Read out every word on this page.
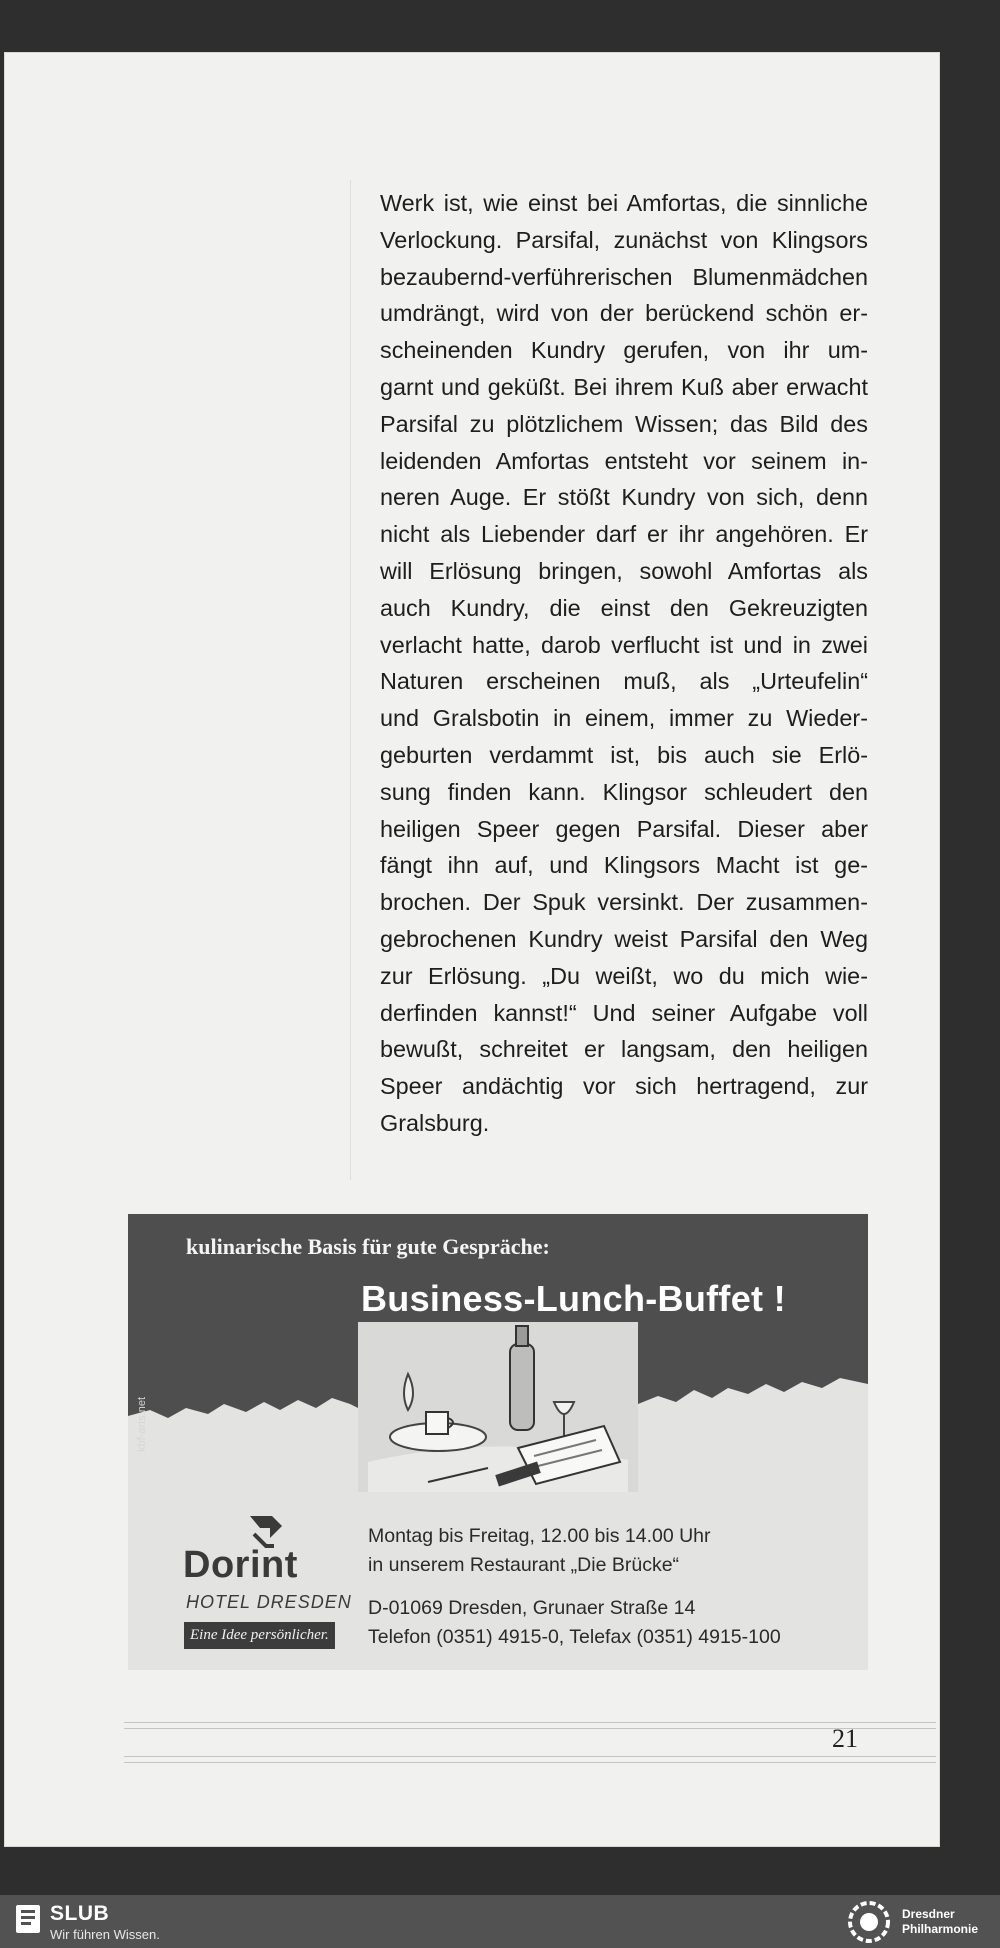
Werk ist, wie einst bei Amfortas, die sinnliche
Verlockung. Parsifal, zunächst von Klingsors
bezaubernd-verführerischen Blumenmädchen
umdrängt, wird von der berückend schön er-
scheinenden Kundry gerufen, von ihr um-
garnt und geküßt. Bei ihrem Kuß aber erwacht
Parsifal zu plötzlichem Wissen; das Bild des
leidenden Amfortas entsteht vor seinem in-
neren Auge. Er stößt Kundry von sich, denn
nicht als Liebender darf er ihr angehören. Er
will Erlösung bringen, sowohl Amfortas als
auch Kundry, die einst den Gekreuzigten
verlacht hatte, darob verflucht ist und in zwei
Naturen erscheinen muß, als „Urteufelin“
und Gralsbotin in einem, immer zu Wieder-
geburten verdammt ist, bis auch sie Erlö-
sung finden kann. Klingsor schleudert den
heiligen Speer gegen Parsifal. Dieser aber
fängt ihn auf, und Klingsors Macht ist ge-
brochen. Der Spuk versinkt. Der zusammen-
gebrochenen Kundry weist Parsifal den Weg
zur Erlösung. „Du weißt, wo du mich wie-
derfinden kannst!“ Und seiner Aufgabe voll
bewußt, schreitet er langsam, den heiligen
Speer andächtig vor sich hertragend, zur
Gralsburg.
kulinarische Basis für gute Gespräche:
Business-Lunch-Buffet !
kbf-arts.net
Dorint
HOTEL DRESDEN
Eine Idee persönlicher.
Montag bis Freitag, 12.00 bis 14.00 Uhr
in unserem Restaurant „Die Brücke“
D-01069 Dresden, Grunaer Straße 14
Telefon (0351) 4915-0, Telefax (0351) 4915-100
21
SLUB
Wir führen Wissen.
Dresdner
Philharmonie
